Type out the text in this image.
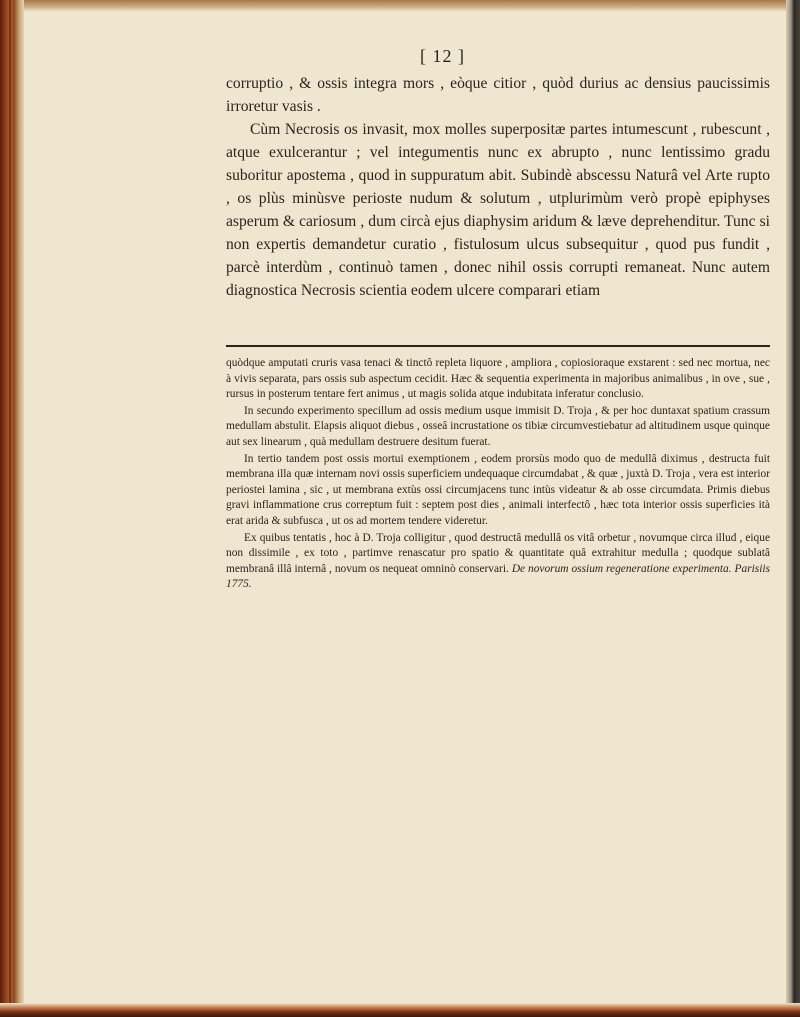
[ 12 ]

corruptio , & ossis integra mors , eòque citior , quòd durius ac densius paucissimis irroretur vasis .

Cùm Necrosis os invasit, mox molles superpositæ partes intumescunt , rubescunt , atque exulcerantur ; vel integumentis nunc ex abrupto , nunc lentissimo gradu suboritur apostema , quod in suppuratum abit. Subindè abscessu Naturâ vel Arte rupto , os plùs minùsve perioste nudum & solutum , utplurimùm verò propè epiphyses asperum & cariosum , dum circà ejus diaphysim aridum & læve deprehenditur. Tunc si non expertis demandetur curatio , fistulosum ulcus subsequitur , quod pus fundit , parcè interdùm , continuò tamen , donec nihil ossis corrupti remaneat. Nunc autem diagnostica Necrosis scientia eodem ulcere comparari etiam

quòdque amputati cruris vasa tenaci & tinctô repleta liquore , ampliora , copiosioraque exstarent : sed nec mortua, nec à vivis separata, pars ossis sub aspectum cecidit. Hæc & sequentia experimenta in majoribus animalibus , in ove , sue , rursus in posterum tentare fert animus , ut magis solida atque indubitata inferatur conclusio.

In secundo experimento specillum ad ossis medium usque immisit D. Troja , & per hoc duntaxat spatium crassum medullam abstulit. Elapsis aliquot diebus , osseâ incrustatione os tibiæ circumvestiebatur ad altitudinem usque quinque aut sex linearum , quà medullam destruere desitum fuerat.

In tertio tandem post ossis mortui exemptionem , eodem prorsùs modo quo de medullâ diximus , destructa fuit membrana illa quæ internam novi ossis superficiem undequaque circumdabat , & quæ , juxtà D. Troja , vera est interior periostei lamina , sic , ut membrana extùs ossi circumjacens tunc intùs videatur & ab osse circumdata. Primis diebus gravi inflammatione crus correptum fuit : septem post dies , animali interfectô , hæc tota interior ossis superficies ità erat arida & subfusca , ut os ad mortem tendere videretur.

Ex quibus tentatis , hoc à D. Troja colligitur , quod destructâ medullâ os vitâ orbetur , novumque circa illud , eique non dissimile , ex toto , partimve renascatur pro spatio & quantitate quâ extrahitur medulla ; quodque sublatâ membranâ illâ internâ , novum os nequeat omninò conservari. De novorum ossium regeneratione experimenta. Parisiis 1775.
